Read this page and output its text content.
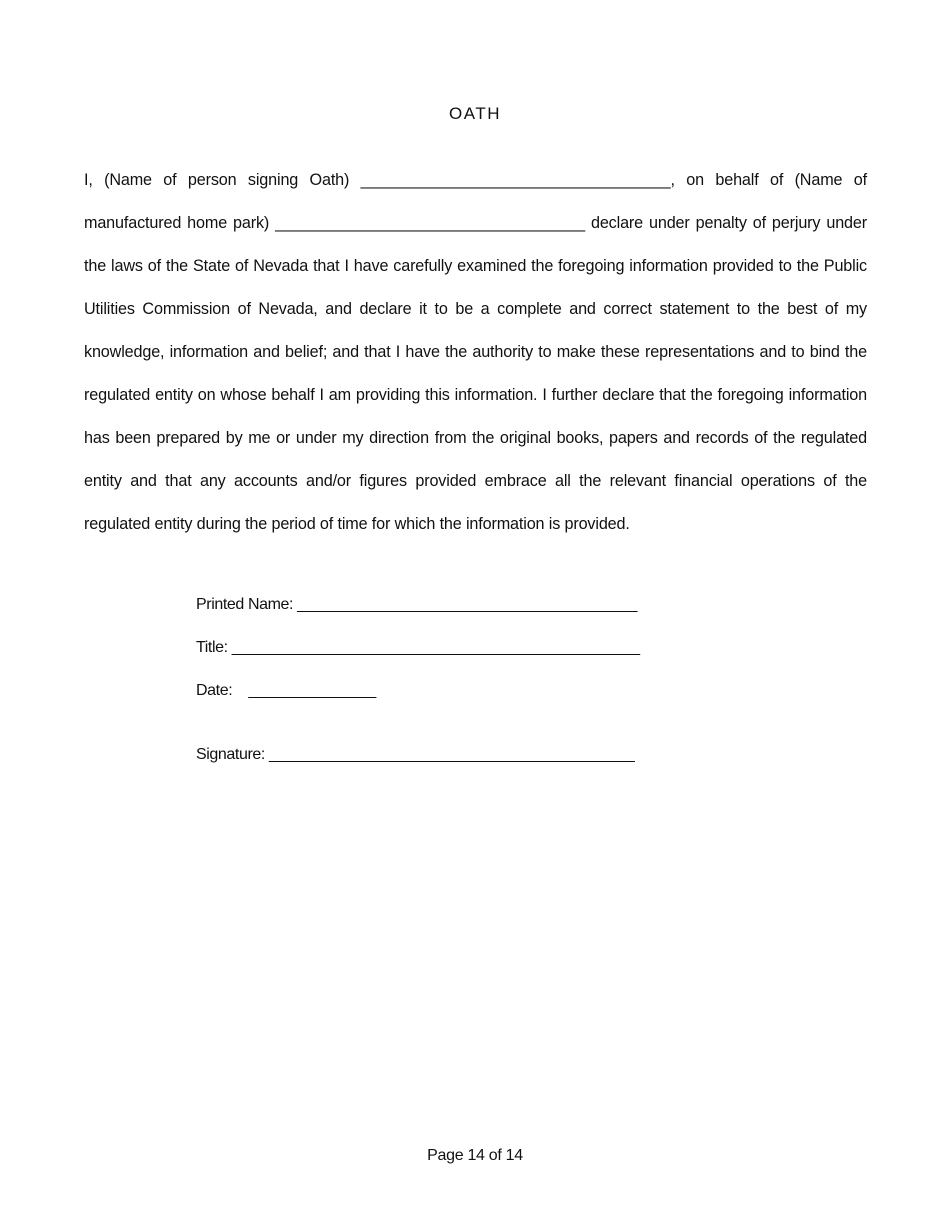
OATH

I, (Name of person signing Oath) ___________________________________, on behalf of (Name of manufactured home park) ___________________________________ declare under penalty of perjury under the laws of the State of Nevada that I have carefully examined the foregoing information provided to the Public Utilities Commission of Nevada, and declare it to be a complete and correct statement to the best of my knowledge, information and belief; and that I have the authority to make these representations and to bind the regulated entity on whose behalf I am providing this information. I further declare that the foregoing information has been prepared by me or under my direction from the original books, papers and records of the regulated entity and that any accounts and/or figures provided embrace all the relevant financial operations of the regulated entity during the period of time for which the information is provided.

Printed Name: ________________________________________
Title: ________________________________________________
Date:    _______________
Signature: ___________________________________________
Page 14 of 14
